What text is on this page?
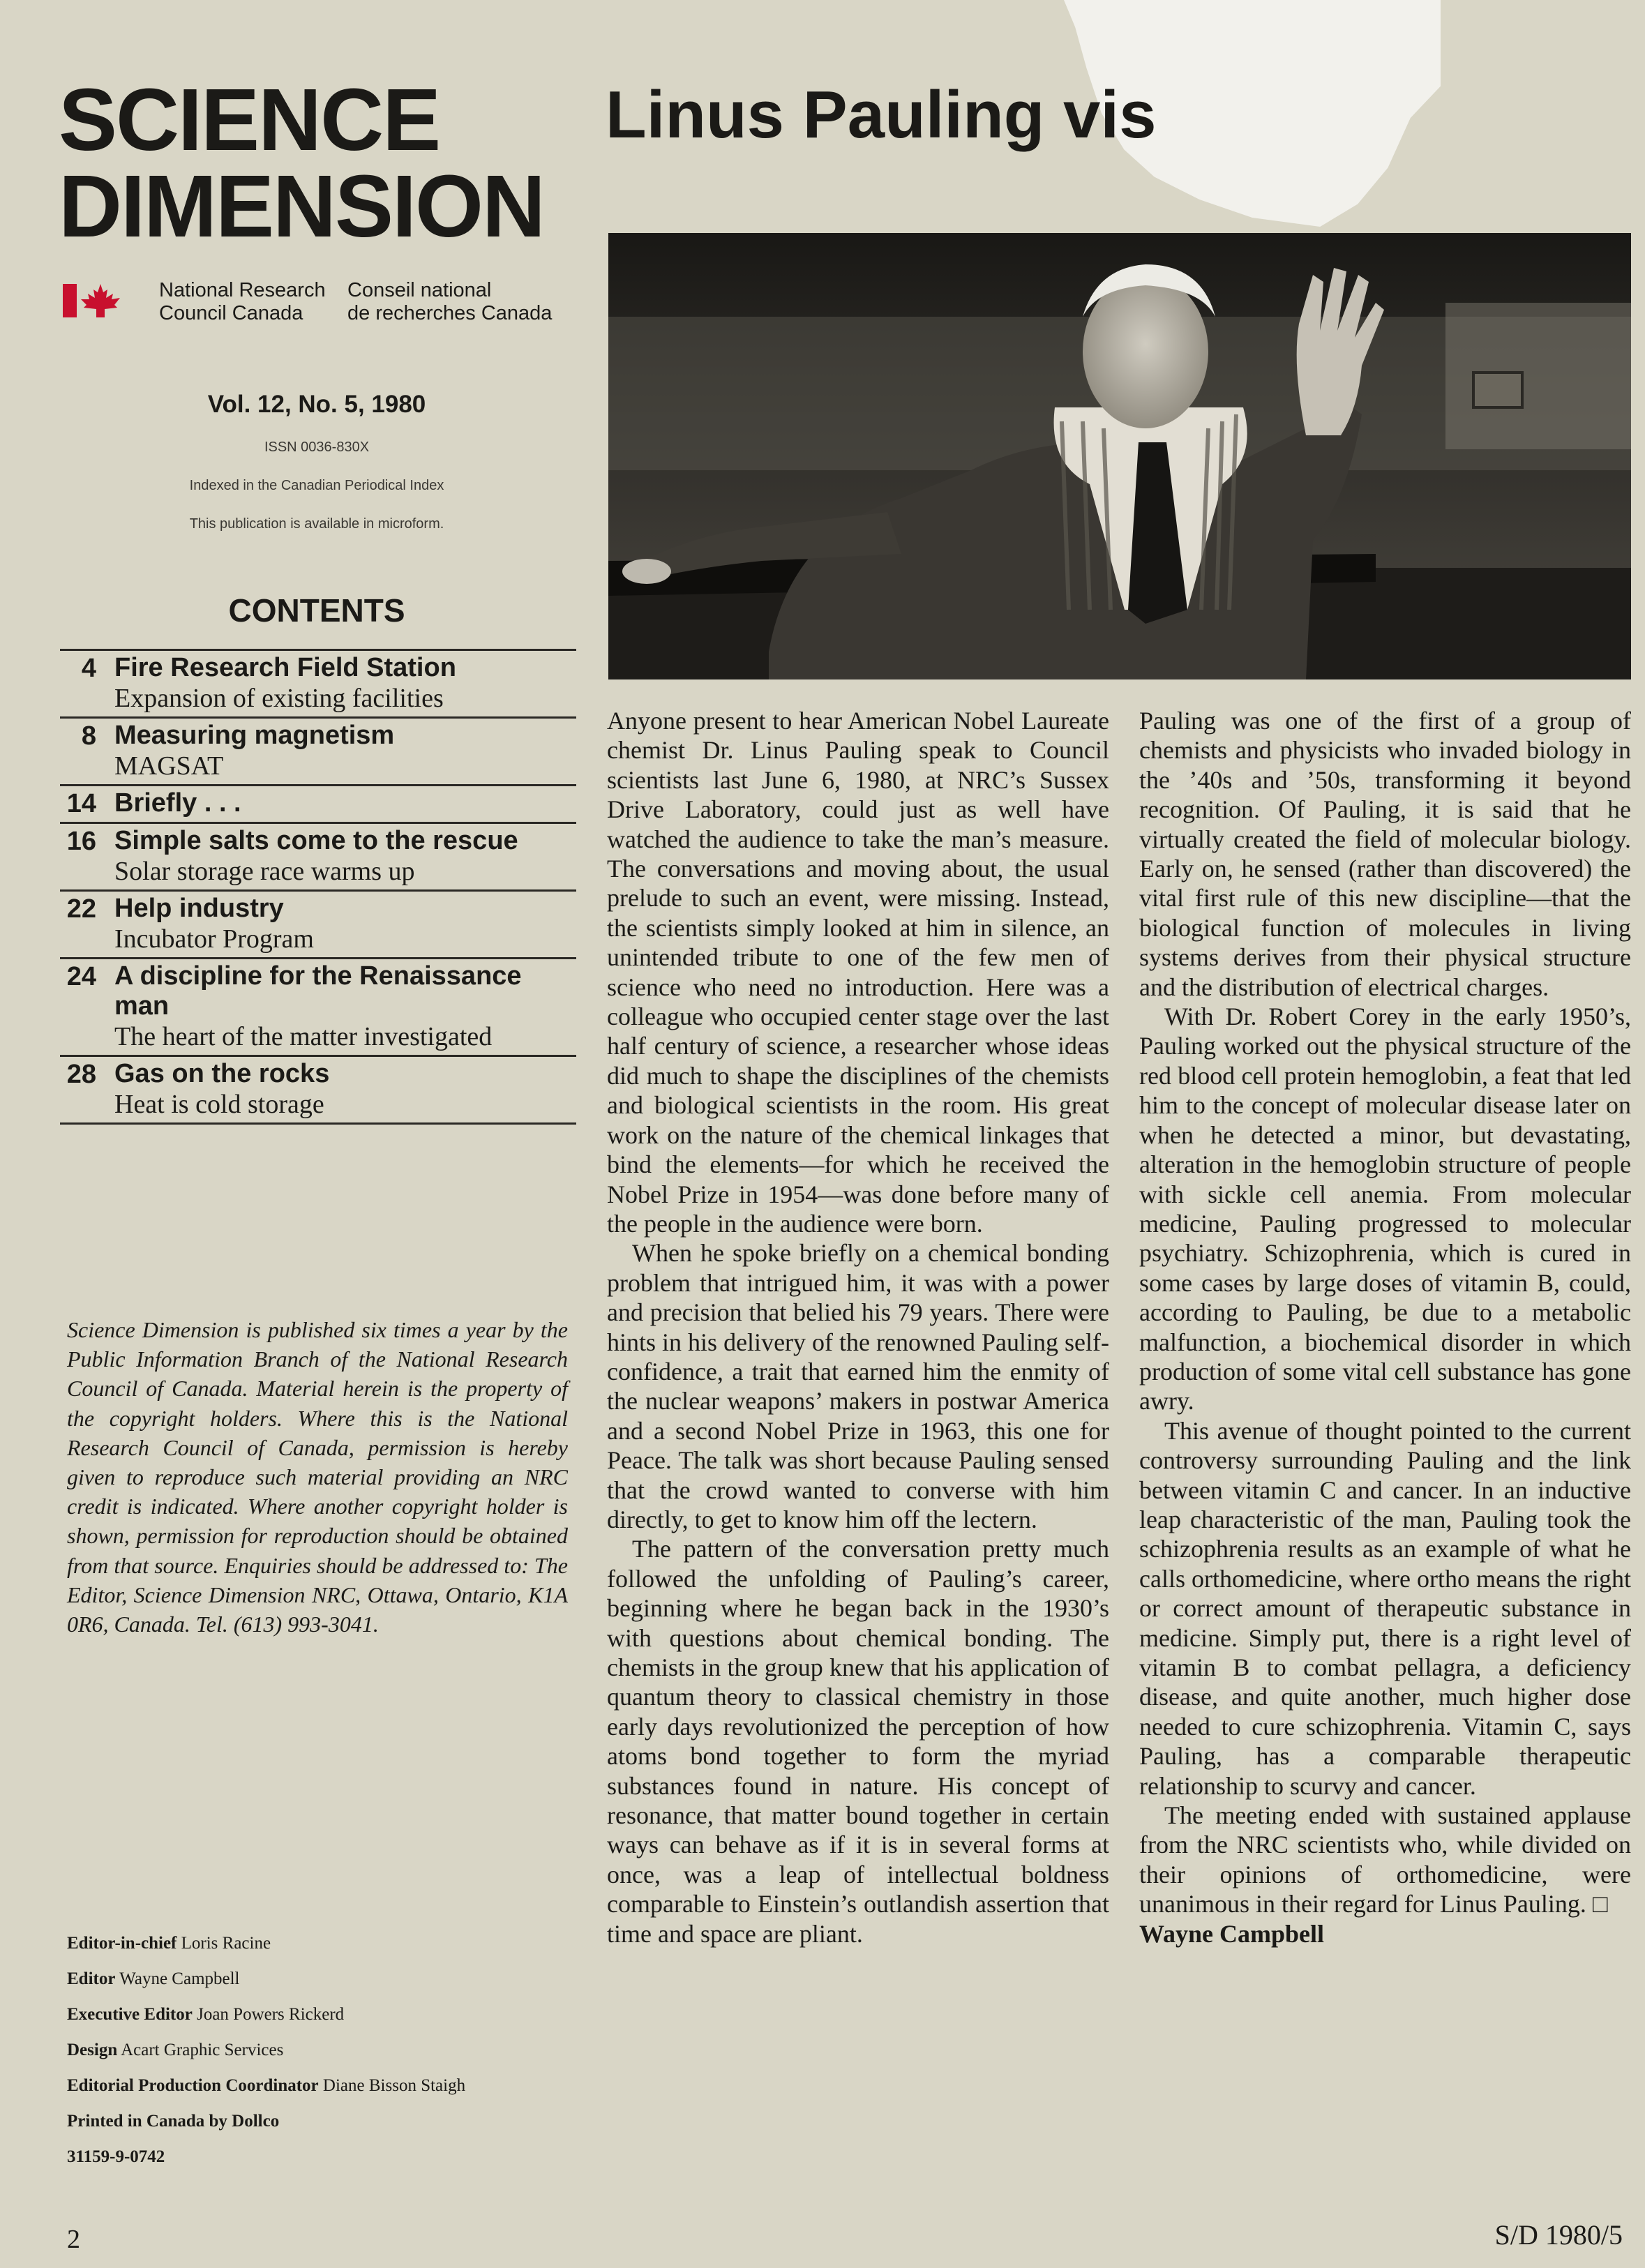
SCIENCE
DIMENSION
National Research
Council Canada
Conseil national
de recherches Canada
Vol. 12, No. 5, 1980
ISSN 0036-830X
Indexed in the Canadian Periodical Index
This publication is available in microform.
CONTENTS
4 Fire Research Field Station
Expansion of existing facilities
8 Measuring magnetism
MAGSAT
14 Briefly . . .
16 Simple salts come to the rescue
Solar storage race warms up
22 Help industry
Incubator Program
24 A discipline for the Renaissance man
The heart of the matter investigated
28 Gas on the rocks
Heat is cold storage

Science Dimension is published six times a year by the Public Information Branch of the National Research Council of Canada. Material herein is the property of the copyright holders. Where this is the National Research Council of Canada, permission is hereby given to reproduce such material providing an NRC credit is indicated. Where another copyright holder is shown, permission for reproduction should be obtained from that source. Enquiries should be addressed to: The Editor, Science Dimension NRC, Ottawa, Ontario, K1A 0R6, Canada. Tel. (613) 993-3041.

Editor-in-chief Loris Racine
Editor Wayne Campbell
Executive Editor Joan Powers Rickerd
Design Acart Graphic Services
Editorial Production Coordinator Diane Bisson Staigh
Printed in Canada by Dollco
31159-9-0742
2	S/D 1980/5
Linus Pauling vis

Anyone present to hear American Nobel Laureate chemist Dr. Linus Pauling speak to Council scientists last June 6, 1980, at NRC’s Sussex Drive Laboratory, could just as well have watched the audience to take the man’s measure. The conversations and moving about, the usual prelude to such an event, were missing. Instead, the scientists simply looked at him in silence, an unintended tribute to one of the few men of science who need no introduction. Here was a colleague who occupied center stage over the last half century of science, a researcher whose ideas did much to shape the disciplines of the chemists and biological scientists in the room. His great work on the nature of the chemical linkages that bind the elements—for which he received the Nobel Prize in 1954—was done before many of the people in the audience were born.

When he spoke briefly on a chemical bonding problem that intrigued him, it was with a power and precision that belied his 79 years. There were hints in his delivery of the renowned Pauling self-confidence, a trait that earned him the enmity of the nuclear weapons’ makers in postwar America and a second Nobel Prize in 1963, this one for Peace. The talk was short because Pauling sensed that the crowd wanted to converse with him directly, to get to know him off the lectern.

The pattern of the conversation pretty much followed the unfolding of Pauling’s career, beginning where he began back in the 1930’s with questions about chemical bonding. The chemists in the group knew that his application of quantum theory to classical chemistry in those early days revolutionized the perception of how atoms bond together to form the myriad substances found in nature. His concept of resonance, that matter bound together in certain ways can behave as if it is in several forms at once, was a leap of intellectual boldness comparable to Einstein’s outlandish assertion that time and space are pliant.

Pauling was one of the first of a group of chemists and physicists who invaded biology in the ’40s and ’50s, transforming it beyond recognition. Of Pauling, it is said that he virtually created the field of molecular biology. Early on, he sensed (rather than discovered) the vital first rule of this new discipline—that the biological function of molecules in living systems derives from their physical structure and the distribution of electrical charges.

With Dr. Robert Corey in the early 1950’s, Pauling worked out the physical structure of the red blood cell protein hemoglobin, a feat that led him to the concept of molecular disease later on when he detected a minor, but devastating, alteration in the hemoglobin structure of people with sickle cell anemia. From molecular medicine, Pauling progressed to molecular psychiatry. Schizophrenia, which is cured in some cases by large doses of vitamin B, could, according to Pauling, be due to a metabolic malfunction, a biochemical disorder in which production of some vital cell substance has gone awry.

This avenue of thought pointed to the current controversy surrounding Pauling and the link between vitamin C and cancer. In an inductive leap characteristic of the man, Pauling took the schizophrenia results as an example of what he calls orthomedicine, where ortho means the right or correct amount of therapeutic substance in medicine. Simply put, there is a right level of vitamin B to combat pellagra, a deficiency disease, and quite another, much higher dose needed to cure schizophrenia. Vitamin C, says Pauling, has a comparable therapeutic relationship to scurvy and cancer.

The meeting ended with sustained applause from the NRC scientists who, while divided on their opinions of orthomedicine, were unanimous in their regard for Linus Pauling. □

Wayne Campbell
